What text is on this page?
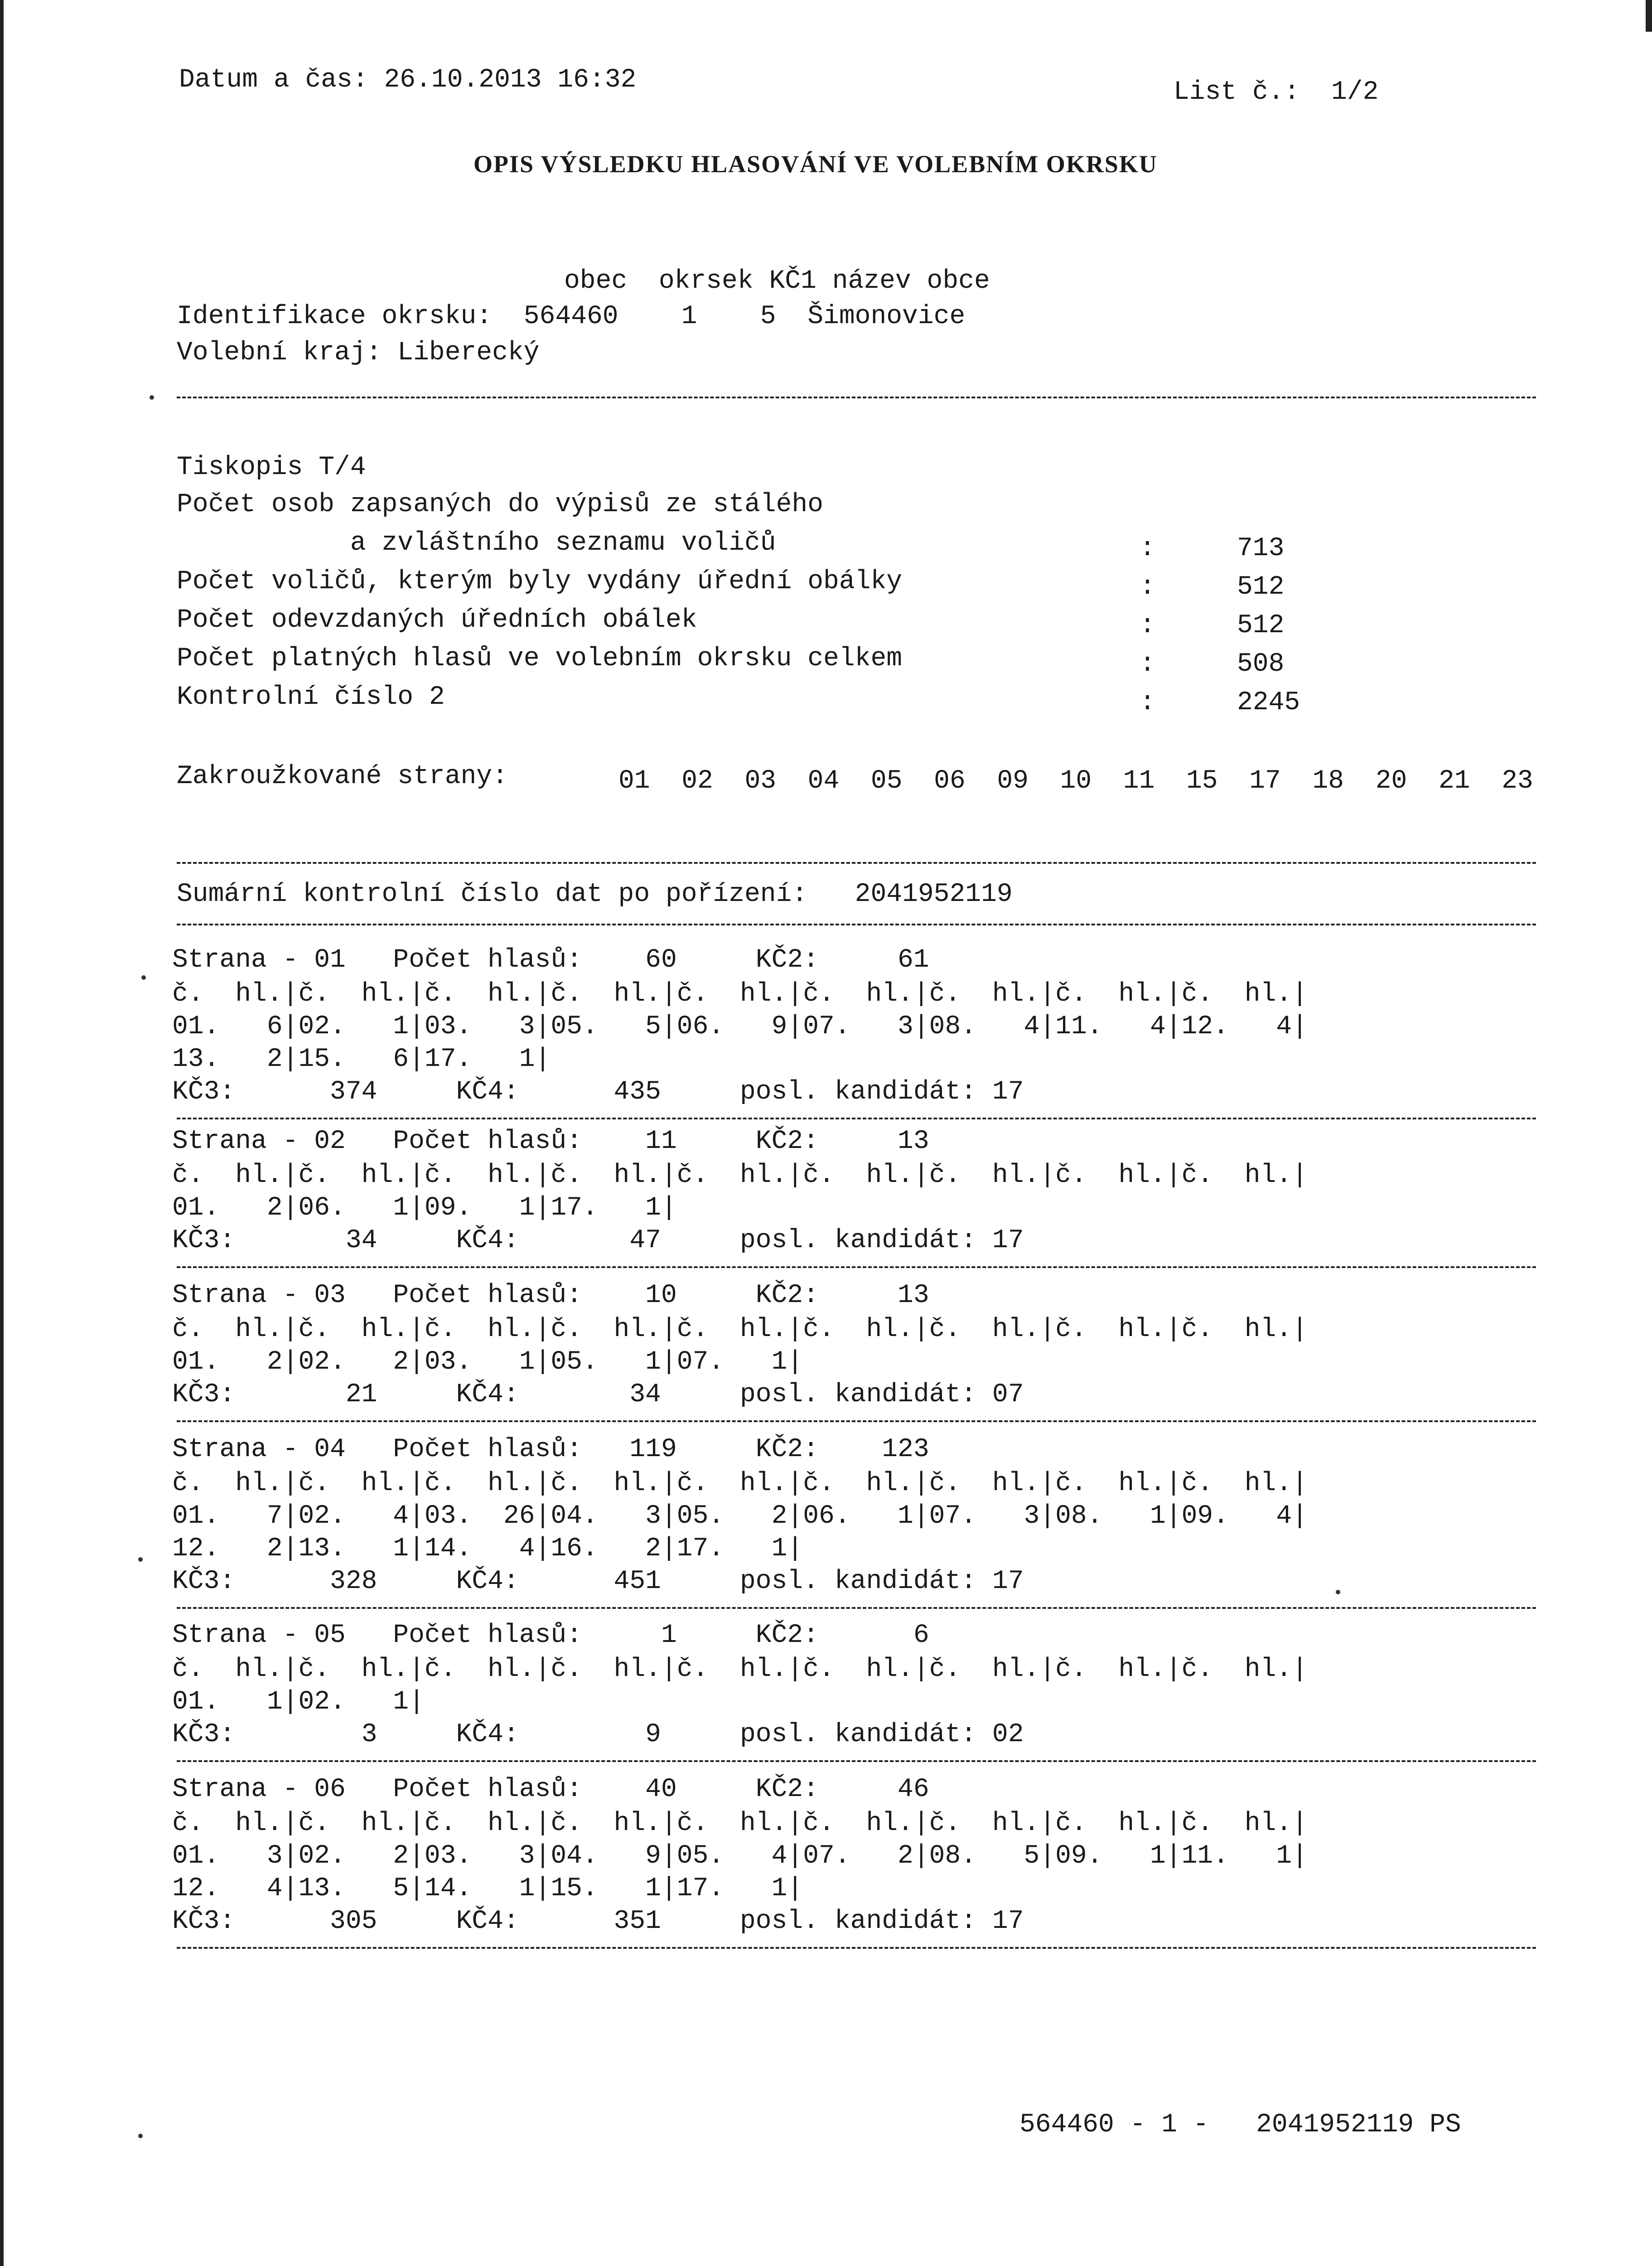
Datum a čas: 26.10.2013 16:32	List č.:  1/2
OPIS VÝSLEDKU HLASOVÁNÍ VE VOLEBNÍM OKRSKU
obec  okrsek KČ1 název obce
Identifikace okrsku:  564460    1    5  Šimonovice
Volební kraj: Liberecký
Tiskopis T/4
Počet osob zapsaných do výpisů ze stálého
a zvláštního seznamu voličů	:	713
Počet voličů, kterým byly vydány úřední obálky	:	512
Počet odevzdaných úředních obálek	:	512
Počet platných hlasů ve volebním okrsku celkem	:	508
Kontrolní číslo 2	:	2245
Zakroužkované strany:	01  02  03  04  05  06  09  10  11  15  17  18  20  21  23
Sumární kontrolní číslo dat po pořízení:   2041952119
Strana - 01   Počet hlasů:    60     KČ2:     61
č.  hl.|č.  hl.|č.  hl.|č.  hl.|č.  hl.|č.  hl.|č.  hl.|č.  hl.|č.  hl.|
01.   6|02.   1|03.   3|05.   5|06.   9|07.   3|08.   4|11.   4|12.   4|
13.   2|15.   6|17.   1|
KČ3:      374     KČ4:      435     posl. kandidát: 17
Strana - 02   Počet hlasů:    11     KČ2:     13
č.  hl.|č.  hl.|č.  hl.|č.  hl.|č.  hl.|č.  hl.|č.  hl.|č.  hl.|č.  hl.|
01.   2|06.   1|09.   1|17.   1|
KČ3:       34     KČ4:       47     posl. kandidát: 17
Strana - 03   Počet hlasů:    10     KČ2:     13
č.  hl.|č.  hl.|č.  hl.|č.  hl.|č.  hl.|č.  hl.|č.  hl.|č.  hl.|č.  hl.|
01.   2|02.   2|03.   1|05.   1|07.   1|
KČ3:       21     KČ4:       34     posl. kandidát: 07
Strana - 04   Počet hlasů:   119     KČ2:    123
č.  hl.|č.  hl.|č.  hl.|č.  hl.|č.  hl.|č.  hl.|č.  hl.|č.  hl.|č.  hl.|
01.   7|02.   4|03.  26|04.   3|05.   2|06.   1|07.   3|08.   1|09.   4|
12.   2|13.   1|14.   4|16.   2|17.   1|
KČ3:      328     KČ4:      451     posl. kandidát: 17
Strana - 05   Počet hlasů:     1     KČ2:      6
č.  hl.|č.  hl.|č.  hl.|č.  hl.|č.  hl.|č.  hl.|č.  hl.|č.  hl.|č.  hl.|
01.   1|02.   1|
KČ3:        3     KČ4:        9     posl. kandidát: 02
Strana - 06   Počet hlasů:    40     KČ2:     46
č.  hl.|č.  hl.|č.  hl.|č.  hl.|č.  hl.|č.  hl.|č.  hl.|č.  hl.|č.  hl.|
01.   3|02.   2|03.   3|04.   9|05.   4|07.   2|08.   5|09.   1|11.   1|
12.   4|13.   5|14.   1|15.   1|17.   1|
KČ3:      305     KČ4:      351     posl. kandidát: 17
564460 - 1 -   2041952119 PS
